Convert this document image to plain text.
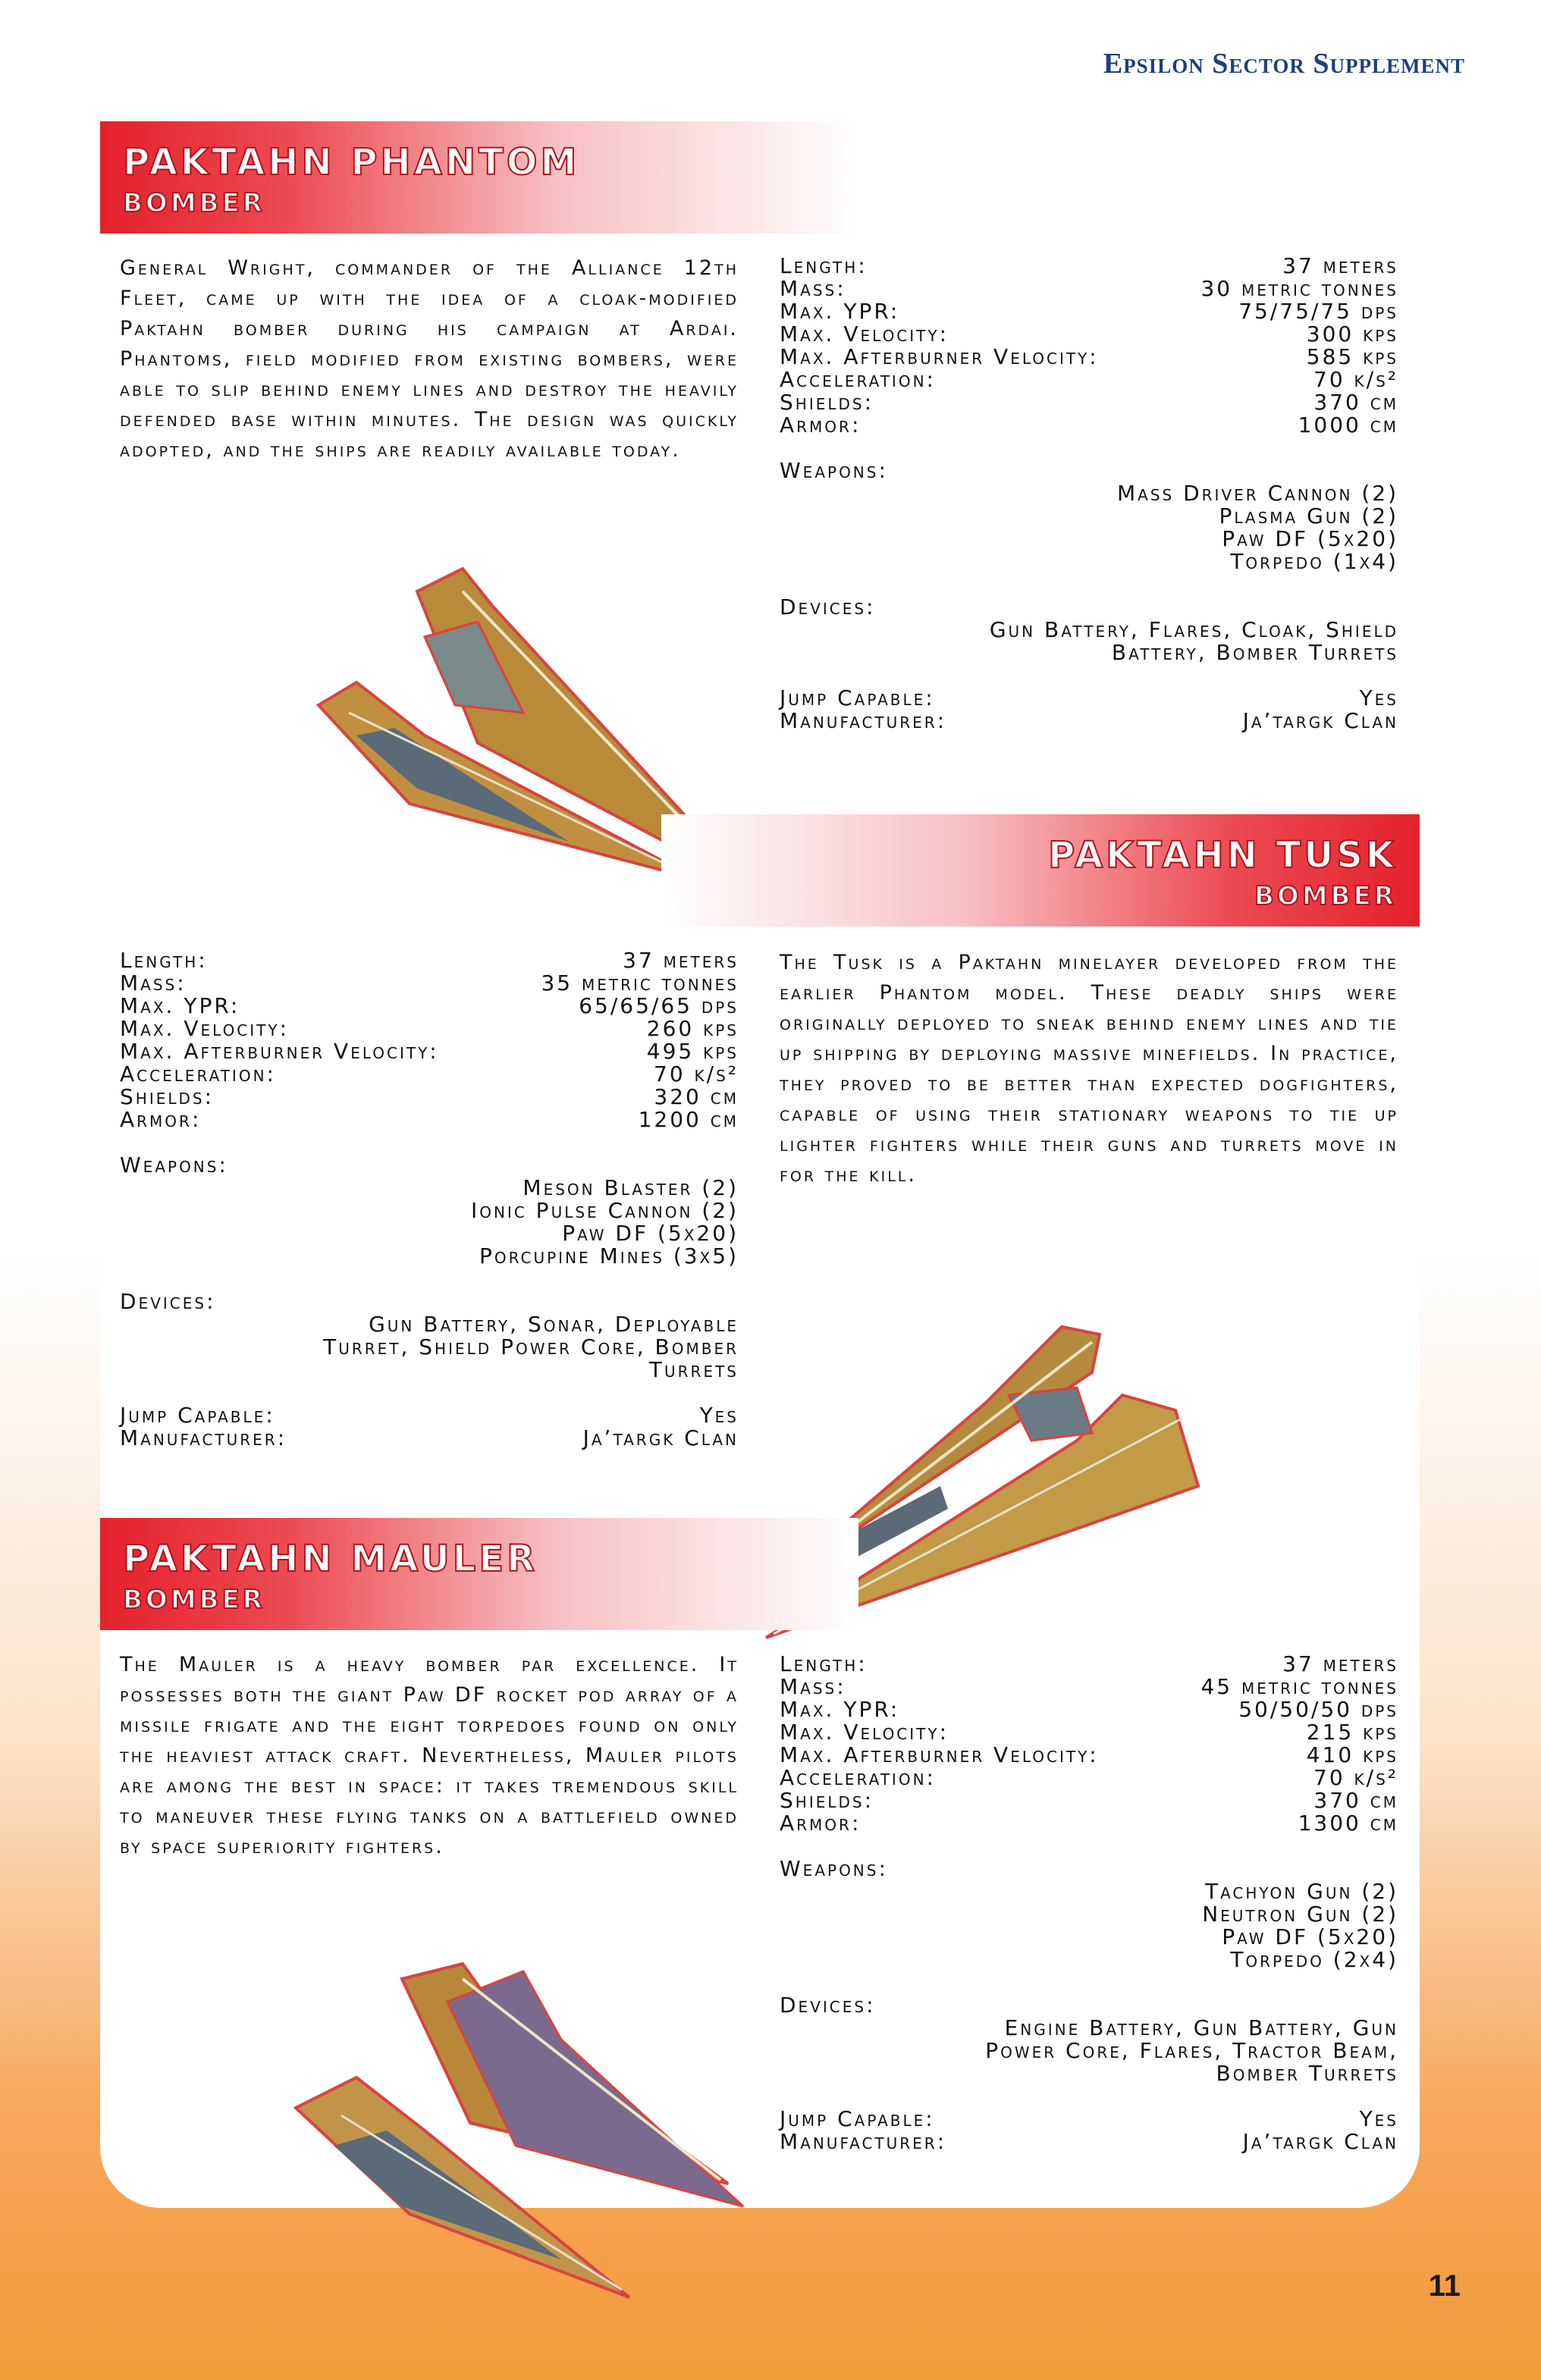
Epsilon Sector Supplement
PAKTAHN PHANTOM
BOMBER
General Wright, commander of the Alliance 12th Fleet, came up with the idea of a cloak-modified Paktahn bomber during his campaign at Ardai. Phantoms, field modified from existing bombers, were able to slip behind enemy lines and destroy the heavily defended base within minutes. The design was quickly adopted, and the ships are readily available today.
Length:	37 meters
Mass:	30 metric tonnes
Max. YPR:	75/75/75 dps
Max. Velocity:	300 kps
Max. Afterburner Velocity:	585 kps
Acceleration:	70 k/s²
Shields:	370 cm
Armor:	1000 cm
Weapons:
Mass Driver Cannon (2)
Plasma Gun (2)
Paw DF (5x20)
Torpedo (1x4)
Devices:
Gun Battery, Flares, Cloak, Shield
Battery, Bomber Turrets
Jump Capable:	Yes
Manufacturer:	Ja’targk Clan
PAKTAHN TUSK
BOMBER
Length:	37 meters
Mass:	35 metric tonnes
Max. YPR:	65/65/65 dps
Max. Velocity:	260 kps
Max. Afterburner Velocity:	495 kps
Acceleration:	70 k/s²
Shields:	320 cm
Armor:	1200 cm
Weapons:
Meson Blaster (2)
Ionic Pulse Cannon (2)
Paw DF (5x20)
Porcupine Mines (3x5)
Devices:
Gun Battery, Sonar, Deployable
Turret, Shield Power Core, Bomber
Turrets
Jump Capable:	Yes
Manufacturer:	Ja’targk Clan
The Tusk is a Paktahn minelayer developed from the earlier Phantom model. These deadly ships were originally deployed to sneak behind enemy lines and tie up shipping by deploying massive minefields. In practice, they proved to be better than expected dogfighters, capable of using their stationary weapons to tie up lighter fighters while their guns and turrets move in for the kill.
PAKTAHN MAULER
BOMBER
The Mauler is a heavy bomber par excellence. It possesses both the giant Paw DF rocket pod array of a missile frigate and the eight torpedoes found on only the heaviest attack craft. Nevertheless, Mauler pilots are among the best in space: it takes tremendous skill to maneuver these flying tanks on a battlefield owned by space superiority fighters.
Length:	37 meters
Mass:	45 metric tonnes
Max. YPR:	50/50/50 dps
Max. Velocity:	215 kps
Max. Afterburner Velocity:	410 kps
Acceleration:	70 k/s²
Shields:	370 cm
Armor:	1300 cm
Weapons:
Tachyon Gun (2)
Neutron Gun (2)
Paw DF (5x20)
Torpedo (2x4)
Devices:
Engine Battery, Gun Battery, Gun
Power Core, Flares, Tractor Beam,
Bomber Turrets
Jump Capable:	Yes
Manufacturer:	Ja’targk Clan
11
